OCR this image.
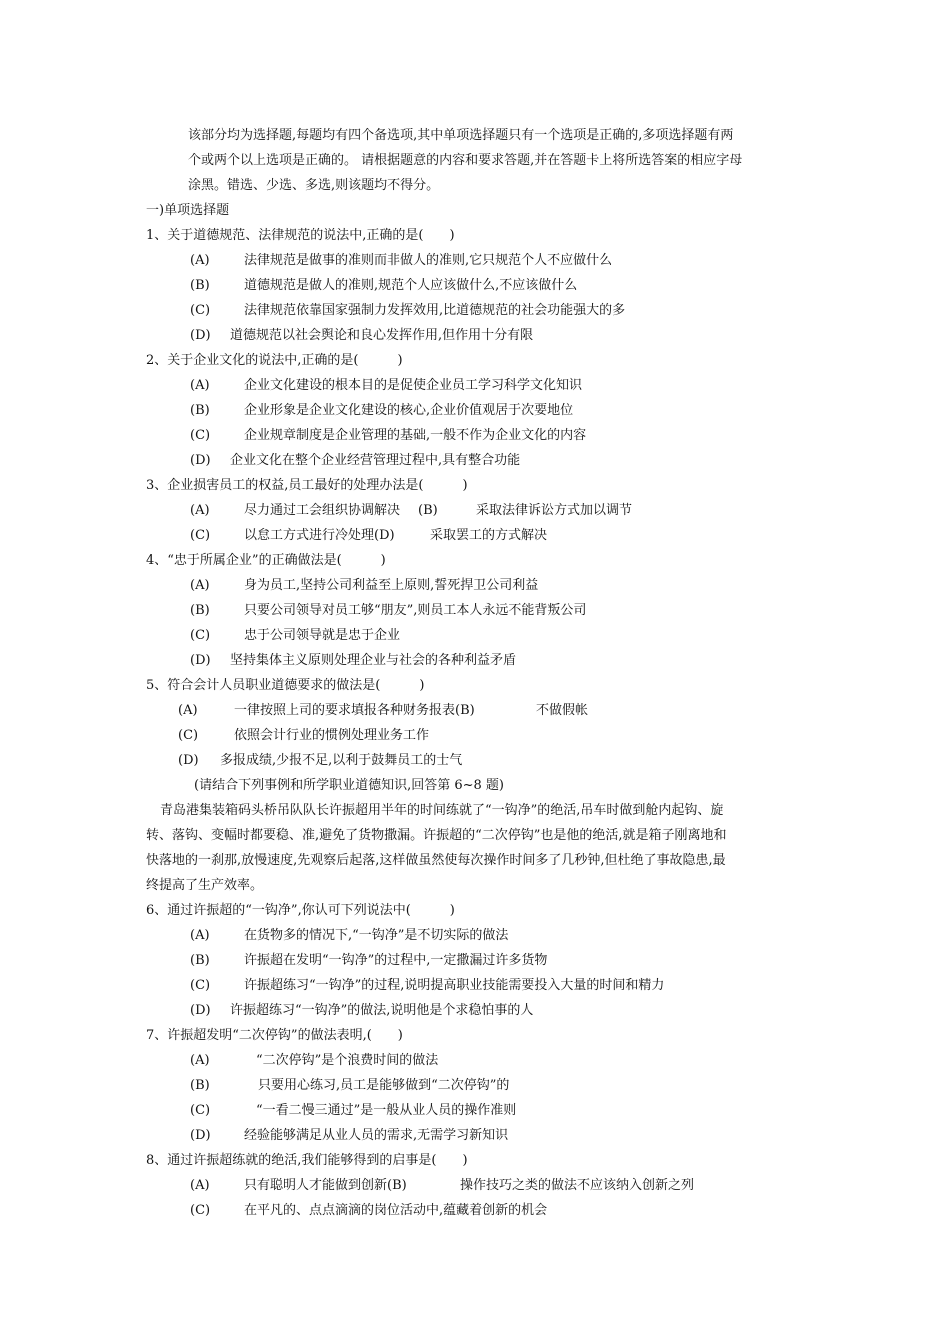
该部分均为选择题,每题均有四个备选项,其中单项选择题只有一个选项是正确的,多项选择题有两
个或两个以上选项是正确的。 请根据题意的内容和要求答题,并在答题卡上将所选答案的相应字母
涂黑。错选、少选、多选,则该题均不得分。
一)单项选择题
1、关于道德规范、法律规范的说法中,正确的是(　　)
(A)	法律规范是做事的准则而非做人的准则,它只规范个人不应做什么
(B)	道德规范是做人的准则,规范个人应该做什么,不应该做什么
(C)	法律规范依靠国家强制力发挥效用,比道德规范的社会功能强大的多
(D) 道德规范以社会舆论和良心发挥作用,但作用十分有限
2、关于企业文化的说法中,正确的是(　　　)
(A)	企业文化建设的根本目的是促使企业员工学习科学文化知识
(B)	企业形象是企业文化建设的核心,企业价值观居于次要地位
(C)	企业规章制度是企业管理的基础,一般不作为企业文化的内容
(D) 企业文化在整个企业经营管理过程中,具有整合功能
3、企业损害员工的权益,员工最好的处理办法是(　　　)
(A)	尽力通过工会组织协调解决 (B)	采取法律诉讼方式加以调节
(C)	以怠工方式进行冷处理(D)	采取罢工的方式解决
4、“忠于所属企业”的正确做法是(　　　)
(A)	身为员工,坚持公司利益至上原则,誓死捍卫公司利益
(B)	只要公司领导对员工够“朋友”,则员工本人永远不能背叛公司
(C)	忠于公司领导就是忠于企业
(D) 坚持集体主义原则处理企业与社会的各种利益矛盾
5、符合会计人员职业道德要求的做法是(　　　)
(A)	一律按照上司的要求填报各种财务报表(B)	不做假帐
(C)	依照会计行业的惯例处理业务工作
(D) 多报成绩,少报不足,以利于鼓舞员工的士气
(请结合下列事例和所学职业道德知识,回答第 6~8 题)
青岛港集装箱码头桥吊队队长许振超用半年的时间练就了“一钩净”的绝活,吊车时做到舱内起钩、旋
转、落钩、变幅时都要稳、准,避免了货物撒漏。许振超的“二次停钩”也是他的绝活,就是箱子刚离地和
快落地的一刹那,放慢速度,先观察后起落,这样做虽然使每次操作时间多了几秒钟,但杜绝了事故隐患,最
终提高了生产效率。
6、通过许振超的“一钩净”,你认可下列说法中(　　　)
(A)	在货物多的情况下,“一钩净”是不切实际的做法
(B)	许振超在发明“一钩净”的过程中,一定撒漏过许多货物
(C)	许振超练习“一钩净”的过程,说明提高职业技能需要投入大量的时间和精力
(D) 许振超练习“一钩净”的做法,说明他是个求稳怕事的人
7、许振超发明“二次停钩”的做法表明,(　　)
(A)	“二次停钩”是个浪费时间的做法
(B)	只要用心练习,员工是能够做到“二次停钩”的
(C)	“一看二慢三通过”是一般从业人员的操作准则
(D)	经验能够满足从业人员的需求,无需学习新知识
8、通过许振超练就的绝活,我们能够得到的启事是(　　)
(A)	只有聪明人才能做到创新(B)	操作技巧之类的做法不应该纳入创新之列
(C)	在平凡的、点点滴滴的岗位活动中,蕴藏着创新的机会
